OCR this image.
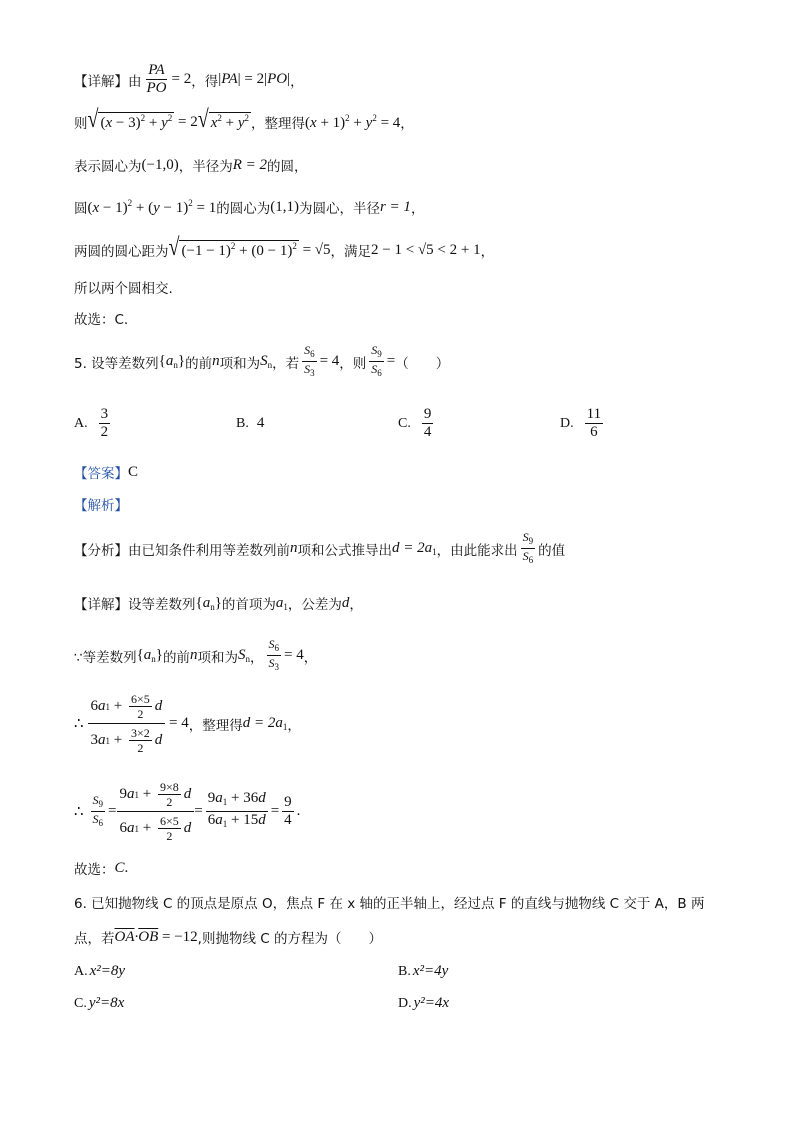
【详解】由 $\frac{PA}{PO} = 2$ ，得 |PA| = 2|PO| ，
则 √ $(x - 3)^2 + y^2 = 2$ √ $x^2 + y^2$ ，整理得 $(x + 1)^2 + y^2 = 4$ ，
表示圆心为 (−1,0) ，半径为 R = 2 的圆，
圆 $(x - 1)^2 + (y - 1)^2 = 1$ 的圆心为 (1,1) 为圆心，半径 r = 1 ，
两圆的圆心距为 √ $(-1 - 1)^2 + (0 - 1)^2 = √5$ ，满足 2 − 1 < √5 < 2 + 1 ，
所以两个圆相交.
故选：C.
5. 设等差数列 $\{a_n\}$ 的前 n 项和为 $S_n$ ，若 $\frac{S_6}{S_3} = 4$ ，则 $\frac{S_9}{S_6}$ = （　　）
A. $\frac{3}{2}$	B. 4	C. $\frac{9}{4}$	D. $\frac{11}{6}$
【答案】 C
【解析】
【分析】由已知条件利用等差数列前 n 项和公式推导出 $d = 2a_1$ ，由此能求出 $\frac{S_9}{S_6}$ 的值
【详解】设等差数列 $\{a_n\}$ 的首项为 $a_1$ ，公差为 d ，
∵等差数列 $\{a_n\}$ 的前 n 项和为 $S_n$ ， $\frac{S_6}{S_3} = 4$ ，
∴ $\frac{6 a 1 + \frac{6\times 5}{2} d}{3 a 1 + \frac{3\times 2}{2} d} = 4$ ，整理得 $d = 2a_1$ ，
∴ $\frac{S_9}{S_6} = \frac{9 a 1 + \frac{9\times 8}{2} d}{6 a 1 + \frac{6\times 5}{2} d} = \frac{9a_1 + 36d}{6a_1 + 15d} = \frac{9}{4}$ .
故选： C .
6. 已知抛物线 C 的顶点是原点 O，焦点 F 在 x 轴的正半轴上，经过点 F 的直线与抛物线 C 交于 A，B 两
点，若 $\overline{OA}\cdot\overline{OB} = -12$ ,则抛物线 C 的方程为（　　）
A. x²=8y	B. x²=4y
C. y²=8x	D. y²=4x
